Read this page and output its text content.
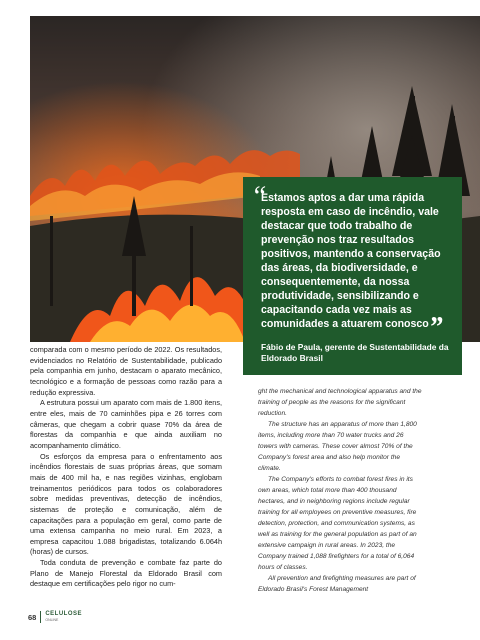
“

Estamos aptos a dar uma rápida resposta em caso de incêndio, vale destacar que todo trabalho de prevenção nos traz resultados positivos, mantendo a conservação das áreas, da biodiversidade, e consequentemente, da nossa produtividade, sensibilizando e capacitando cada vez mais as comunidades a atuarem conosco”

Fábio de Paula, gerente de Sustentabilidade da Eldorado Brasil

comparada com o mesmo período de 2022. Os resultados, evidenciados no Relatório de Sustentabilidade, publicado pela companhia em junho, destacam o aparato mecânico, tecnológico e a formação de pessoas como razão para a redução expressiva.

A estrutura possui um aparato com mais de 1.800 itens, entre eles, mais de 70 caminhões pipa e 26 torres com câmeras, que chegam a cobrir quase 70% da área de florestas da companhia e que ainda auxiliam no acompanhamento climático.

Os esforços da empresa para o enfrentamento aos incêndios florestais de suas próprias áreas, que somam mais de 400 mil ha, e nas regiões vizinhas, englobam treinamentos periódicos para todos os colaboradores sobre medidas preventivas, detecção de incêndios, sistemas de proteção e comunicação, além de capacitações para a população em geral, como parte de uma extensa campanha no meio rural. Em 2023, a empresa capacitou 1.088 brigadistas, totalizando 6.064h (horas) de cursos.

Toda conduta de prevenção e combate faz parte do Plano de Manejo Florestal da Eldorado Brasil com destaque em certificações pelo rigor no cum-

ght the mechanical and technological apparatus and the training of people as the reasons for the significant reduction.

The structure has an apparatus of more than 1,800 items, including more than 70 water trucks and 26 towers with cameras. These cover almost 70% of the Company's forest area and also help monitor the climate.

The Company's efforts to combat forest fires in its own areas, which total more than 400 thousand hectares, and in neighboring regions include regular training for all employees on preventive measures, fire detection, protection, and communication systems, as well as training for the general population as part of an extensive campaign in rural areas. In 2023, the Company trained 1,088 firefighters for a total of 6,064 hours of classes.

All prevention and firefighting measures are part of Eldorado Brasil's Forest Management

68 CELULOSE
ONLINE
